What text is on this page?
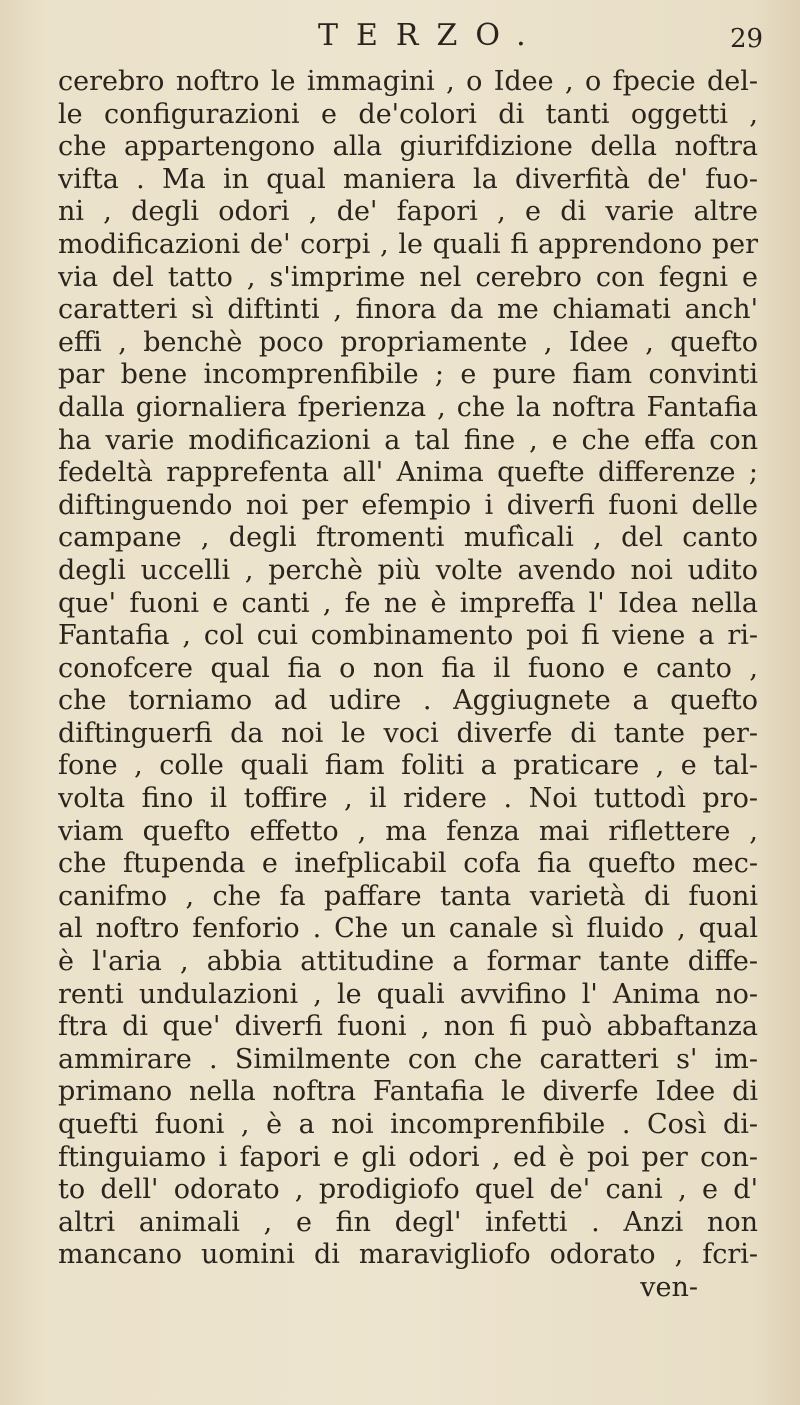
TERZO.	29
cerebro noftro le immagini , o Idee , o fpecie del-
le configurazioni e de'colori di tanti oggetti ,
che appartengono alla giurifdizione della noftra
vifta . Ma in qual maniera la diverfità de' fuo-
ni , degli odori , de' fapori , e di varie altre
modificazioni de' corpi , le quali fi apprendono per
via del tatto , s'imprime nel cerebro con fegni e
caratteri sì diftinti , finora da me chiamati anch'
effi , benchè poco propriamente , Idee , quefto
par bene incomprenfibile ; e pure fiam convinti
dalla giornaliera fperienza , che la noftra Fantafia
ha varie modificazioni a tal fine , e che effa con
fedeltà rapprefenta all' Anima quefte differenze ;
diftinguendo noi per efempio i diverfi fuoni delle
campane , degli ftromenti mufìcali , del canto
degli uccelli , perchè più volte avendo noi udito
que' fuoni e canti , fe ne è impreffa l' Idea nella
Fantafia , col cui combinamento poi fi viene a ri-
conofcere qual fia o non fia il fuono e canto ,
che torniamo ad udire . Aggiugnete a quefto
diftinguerfi da noi le voci diverfe di tante per-
fone , colle quali fiam foliti a praticare , e tal-
volta fino il toffire , il ridere . Noi tuttodì pro-
viam quefto effetto , ma fenza mai riflettere ,
che ftupenda e inefplicabil cofa fia quefto mec-
canifmo , che fa paffare tanta varietà di fuoni
al noftro fenforio . Che un canale sì fluido , qual
è l'aria , abbia attitudine a formar tante diffe-
renti undulazioni , le quali avvifino l' Anima no-
ftra di que' diverfi fuoni , non fi può abbaftanza
ammirare . Similmente con che caratteri s' im-
primano nella noftra Fantafia le diverfe Idee di
quefti fuoni , è a noi incomprenfibile . Così di-
ftinguiamo i fapori e gli odori , ed è poi per con-
to dell' odorato , prodigiofo quel de' cani , e d'
altri animali , e fin degl' infetti . Anzi non
mancano uomini di maravigliofo odorato , fcri-
ven-
